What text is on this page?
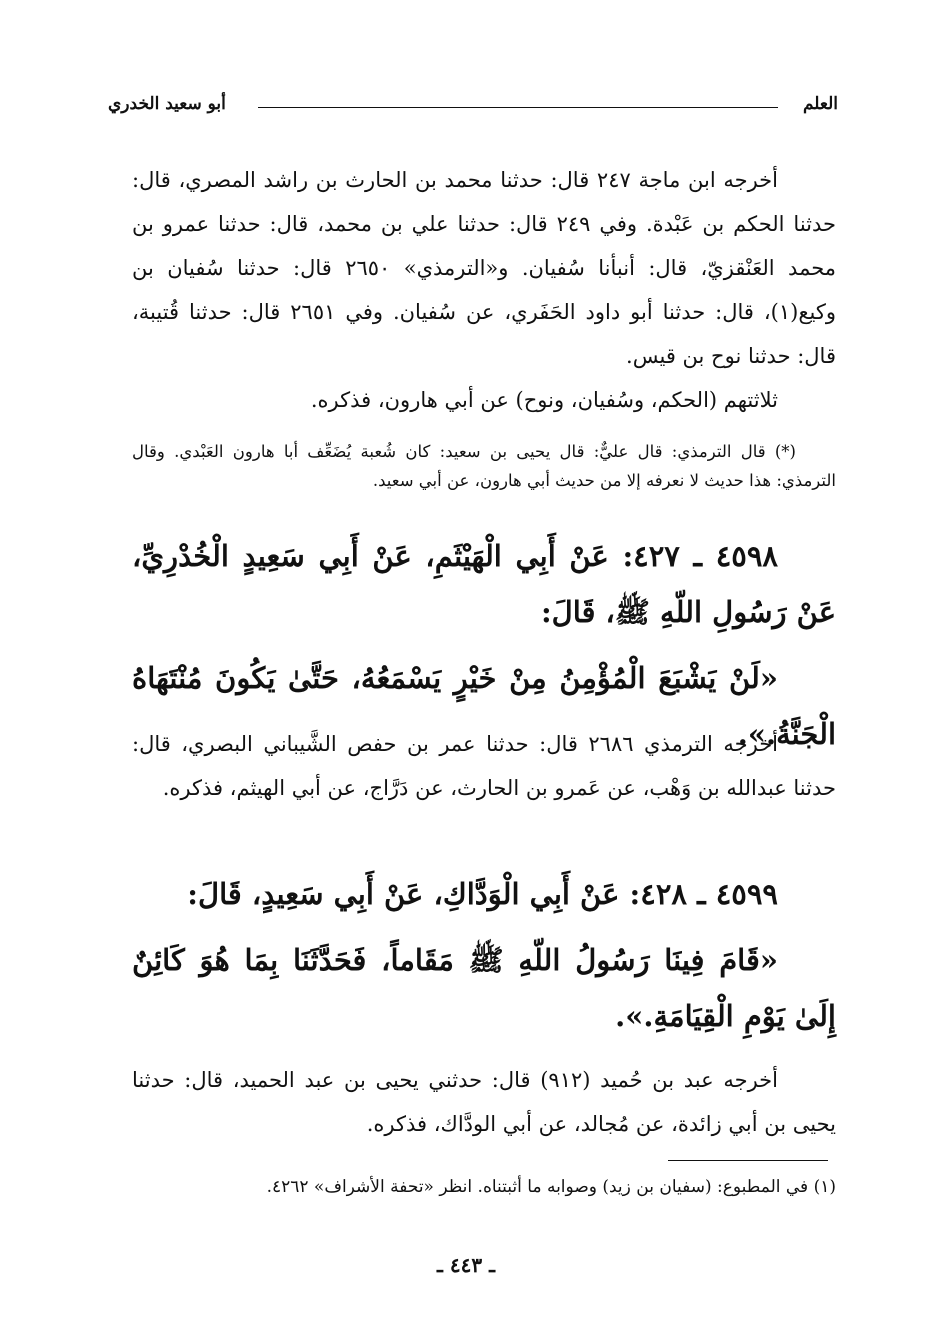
العلم
أبو سعيد الخدري
أخرجه ابن ماجة ٢٤٧ قال: حدثنا محمد بن الحارث بن راشد المصري، قال: حدثنا الحكم بن عَبْدة. وفي ٢٤٩ قال: حدثنا علي بن محمد، قال: حدثنا عمرو بن محمد العَنْقزيّ، قال: أنبأنا سُفيان. و«الترمذي» ٢٦٥٠ قال: حدثنا سُفيان بن وكيع(١)، قال: حدثنا أبو داود الحَفَري، عن سُفيان. وفي ٢٦٥١ قال: حدثنا قُتيبة، قال: حدثنا نوح بن قيس.
ثلاثتهم (الحكم، وسُفيان، ونوح) عن أبي هارون، فذكره.
(*) قال الترمذي: قال عليٌّ: قال يحيى بن سعيد: كان شُعبة يُضَعِّف أبا هارون العَبْدي. وقال الترمذي: هذا حديث لا نعرفه إلا من حديث أبي هارون، عن أبي سعيد.
٤٥٩٨ ـ ٤٢٧: عَنْ أَبِي الْهَيْثَمِ، عَنْ أَبِي سَعِيدٍ الْخُدْرِيِّ، عَنْ رَسُولِ اللّهِ ﷺ، قَالَ:
«لَنْ يَشْبَعَ الْمُؤْمِنُ مِنْ خَيْرٍ يَسْمَعُهُ، حَتَّىٰ يَكُونَ مُنْتَهَاهُ الْجَنَّةُ.».
أخرجه الترمذي ٢٦٨٦ قال: حدثنا عمر بن حفص الشَّيباني البصري، قال: حدثنا عبدالله بن وَهْب، عن عَمرو بن الحارث، عن دَرَّاج، عن أبي الهيثم، فذكره.
٤٥٩٩ ـ ٤٢٨: عَنْ أَبِي الْوَدَّاكِ، عَنْ أَبِي سَعِيدٍ، قَالَ:
«قَامَ فِينَا رَسُولُ اللّهِ ﷺ مَقَاماً، فَحَدَّثَنَا بِمَا هُوَ كَائِنٌ إِلَىٰ يَوْمِ الْقِيَامَةِ.».
أخرجه عبد بن حُميد (٩١٢) قال: حدثني يحيى بن عبد الحميد، قال: حدثنا يحيى بن أبي زائدة، عن مُجالد، عن أبي الودَّاك، فذكره.
(١) في المطبوع: (سفيان بن زيد) وصوابه ما أثبتناه. انظر «تحفة الأشراف» ٤٢٦٢.
ـ ٤٤٣ ـ
